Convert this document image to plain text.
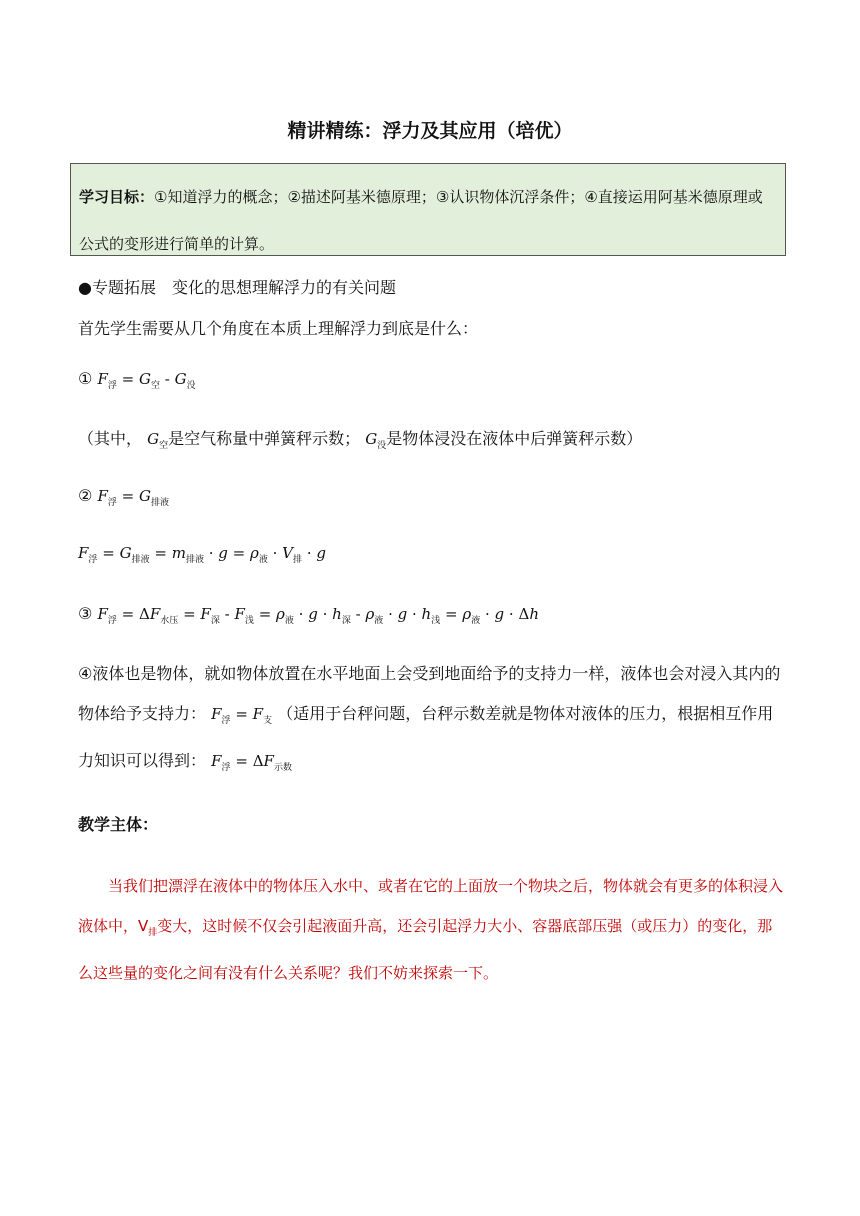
精讲精练：浮力及其应用（培优）
学习目标：①知道浮力的概念；②描述阿基米德原理；③认识物体沉浮条件；④直接运用阿基米德原理或公式的变形进行简单的计算。
●专题拓展　变化的思想理解浮力的有关问题
首先学生需要从几个角度在本质上理解浮力到底是什么：
① $F_浮 = G_空 - G_没$
（其中， $G_空$是空气称量中弹簧秤示数； $G_没$是物体浸没在液体中后弹簧秤示数）
② $F_浮 = G_{排液}$
$F_浮 = G_{排液} = m_{排液} \cdot g = \rho_液 \cdot V_排 \cdot g$
③ $F_浮 = \Delta F_{水压} = F_深 - F_浅 = \rho_液 \cdot g \cdot h_深 - \rho_液 \cdot g \cdot h_浅 = \rho_液 \cdot g \cdot \Delta h$
④液体也是物体，就如物体放置在水平地面上会受到地面给予的支持力一样，液体也会对浸入其内的物体给予支持力： $F_浮 = F_支$ （适用于台秤问题，台秤示数差就是物体对液体的压力，根据相互作用力知识可以得到： $F_浮 = \Delta F_{示数}$
教学主体：
当我们把漂浮在液体中的物体压入水中、或者在它的上面放一个物块之后，物体就会有更多的体积浸入液体中，$V_排$变大，这时候不仅会引起液面升高，还会引起浮力大小、容器底部压强（或压力）的变化，那么这些量的变化之间有没有什么关系呢？我们不妨来探索一下。
